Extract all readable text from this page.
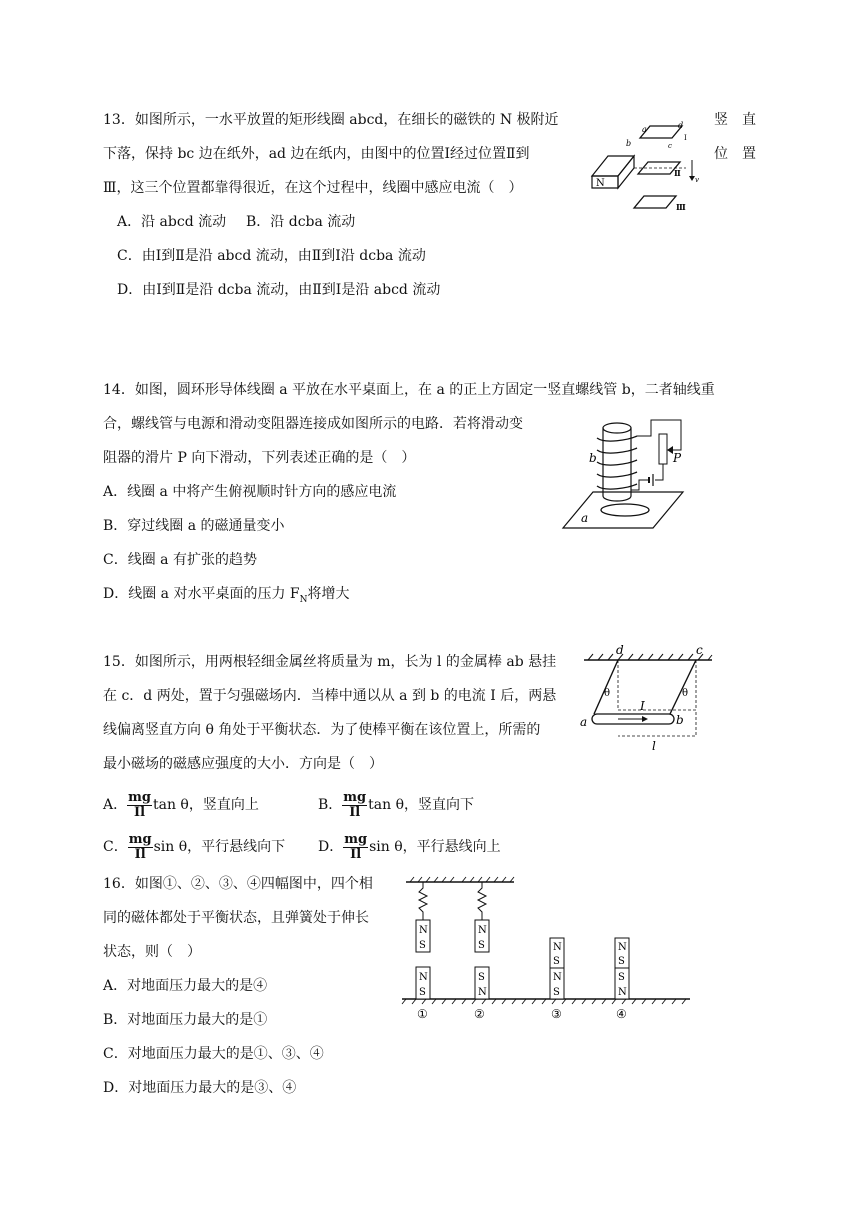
13．如图所示，一水平放置的矩形线圈 abcd，在细长的磁铁的 N 极附近	竖　直
下落，保持 bc 边在纸外，ad 边在纸内，由图中的位置Ⅰ经过位置Ⅱ到	位　置
Ⅲ，这三个位置都靠得很近，在这个过程中，线圈中感应电流（　）
A．沿 abcd 流动 B．沿 dcba 流动
C．由Ⅰ到Ⅱ是沿 abcd 流动，由Ⅱ到Ⅰ沿 dcba 流动
D．由Ⅰ到Ⅱ是沿 dcba 流动，由Ⅱ到Ⅰ是沿 abcd 流动
N
a	d
b	c
Ⅰ
Ⅱ
v
Ⅲ
14．如图，圆环形导体线圈 a 平放在水平桌面上，在 a 的正上方固定一竖直螺线管 b，二者轴线重
合，螺线管与电源和滑动变阻器连接成如图所示的电路．若将滑动变
阻器的滑片 P 向下滑动，下列表述正确的是（　）
A．线圈 a 中将产生俯视顺时针方向的感应电流
B．穿过线圈 a 的磁通量变小
C．线圈 a 有扩张的趋势
D．线圈 a 对水平桌面的压力 $F_N$将增大
a
b	P
15．如图所示，用两根轻细金属丝将质量为 m，长为 l 的金属棒 ab 悬挂
在 c．d 两处，置于匀强磁场内．当棒中通以从 a 到 b 的电流 I 后，两悬
线偏离竖直方向 θ 角处于平衡状态．为了使棒平衡在该位置上，所需的
最小磁场的磁感应强度的大小．方向是（　）
A． $\frac{mg}{Il}$ tan θ，竖直向上	B． $\frac{mg}{Il}$ tan θ，竖直向下
C． $\frac{mg}{Il}$ sin θ，平行悬线向下 D． $\frac{mg}{Il}$ sin θ，平行悬线向上
d	c
θ	θ
I
a	b
l
16．如图①、②、③、④四幅图中，四个相
同的磁体都处于平衡状态，且弹簧处于伸长
状态，则（　）
A．对地面压力最大的是④
B．对地面压力最大的是①
C．对地面压力最大的是①、③、④
D．对地面压力最大的是③、④
N
S
N
S
①
N
S
S
N
②
N
S
N
S
③
N
S
S
N
④
